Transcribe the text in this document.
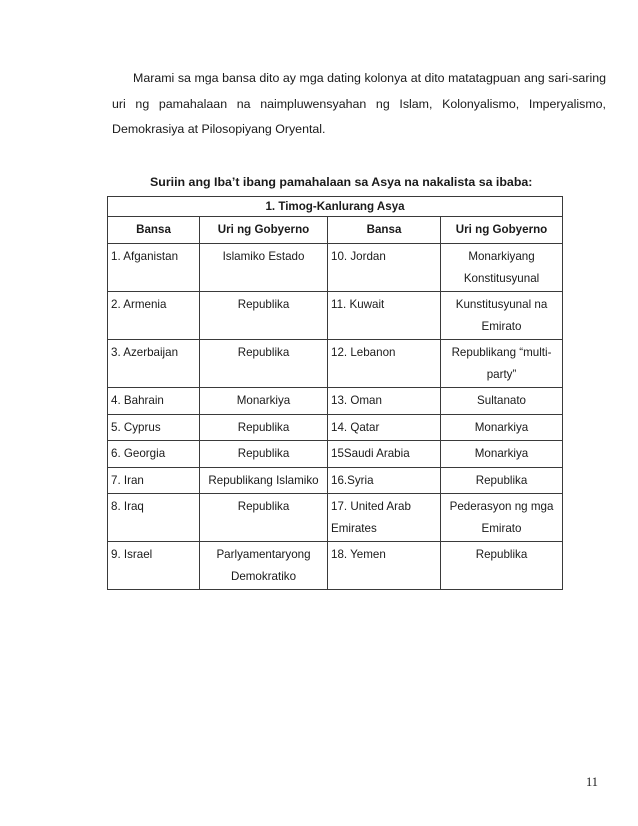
Marami sa mga bansa dito ay mga dating kolonya at dito matatagpuan ang sari-saring uri ng pamahalaan na naimpluwensyahan ng Islam, Kolonyalismo, Imperyalismo, Demokrasiya at Pilosopiyang Oryental.

Suriin ang Iba’t ibang pamahalaan sa Asya na nakalista sa ibaba:

1. Timog-Kanlurang Asya			
Bansa	Uri ng Gobyerno	Bansa	Uri ng Gobyerno
1. Afganistan	Islamiko Estado	10. Jordan	Monarkiyang Konstitusyunal
2. Armenia	Republika	11. Kuwait	Kunstitusyunal na Emirato
3. Azerbaijan	Republika	12. Lebanon	Republikang “multi-party”
4. Bahrain	Monarkiya	13. Oman	Sultanato
5. Cyprus	Republika	14. Qatar	Monarkiya
6. Georgia	Republika	15Saudi Arabia	Monarkiya
7. Iran	Republikang Islamiko	16.Syria	Republika
8. Iraq	Republika	17. United Arab Emirates	Pederasyon ng mga Emirato
9. Israel	Parlyamentaryong Demokratiko	18. Yemen	Republika
11
